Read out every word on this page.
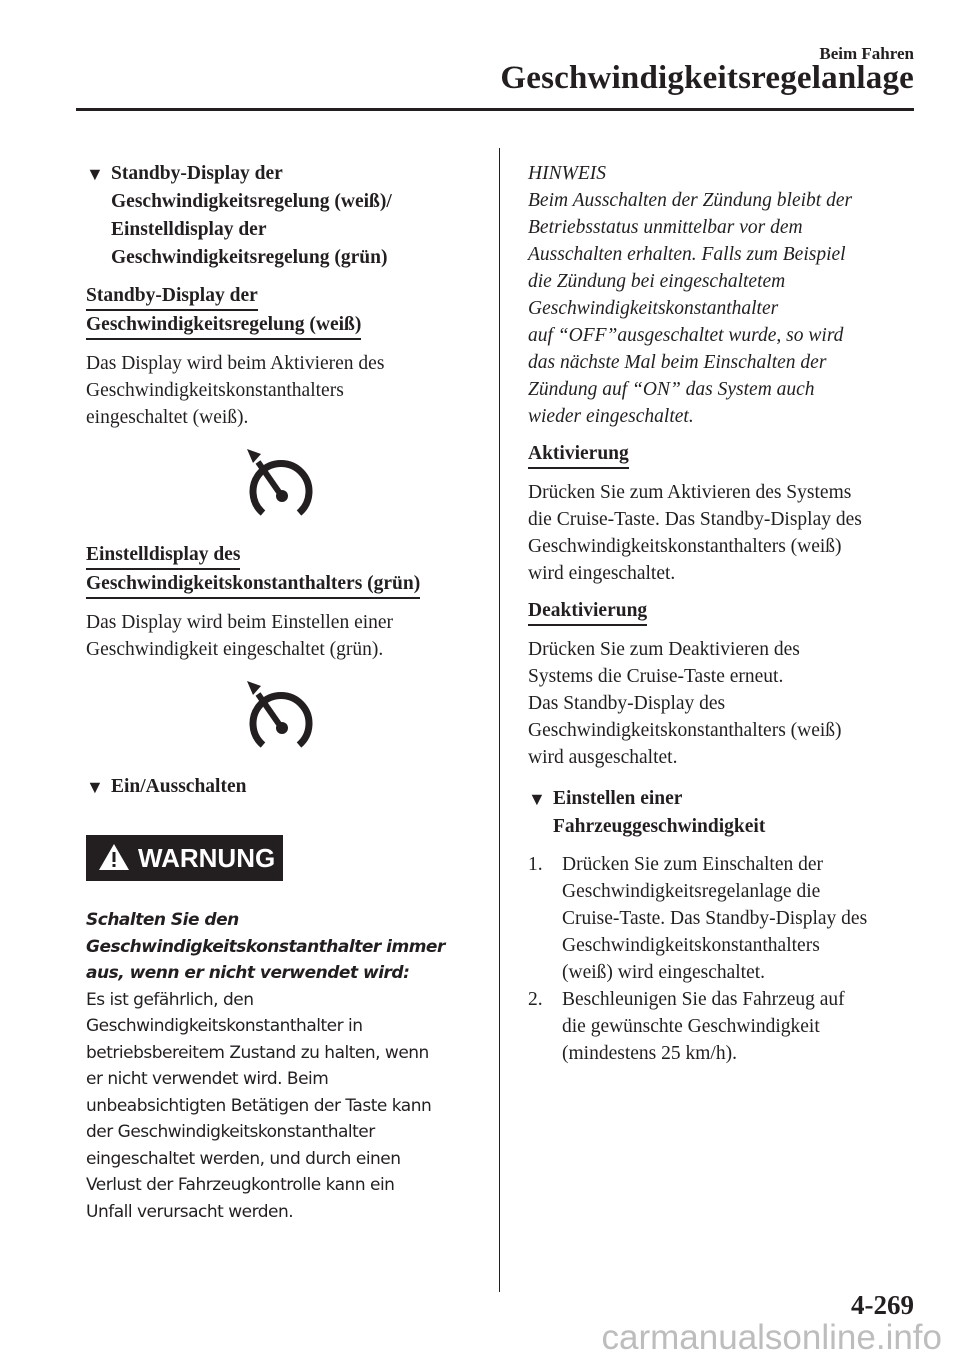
Beim Fahren
Geschwindigkeitsregelanlage
▼ Standby-Display der
Geschwindigkeitsregelung (weiß)/
Einstelldisplay der
Geschwindigkeitsregelung (grün)
Standby-Display der
Geschwindigkeitsregelung (weiß)

Das Display wird beim Aktivieren des
Geschwindigkeitskonstanthalters
eingeschaltet (weiß).

Einstelldisplay des
Geschwindigkeitskonstanthalters (grün)

Das Display wird beim Einstellen einer
Geschwindigkeit eingeschaltet (grün).

▼ Ein/Ausschalten
WARNUNG
Schalten Sie den
Geschwindigkeitskonstanthalter immer
aus, wenn er nicht verwendet wird:
Es ist gefährlich, den
Geschwindigkeitskonstanthalter in
betriebsbereitem Zustand zu halten, wenn
er nicht verwendet wird. Beim
unbeabsichtigten Betätigen der Taste kann
der Geschwindigkeitskonstanthalter
eingeschaltet werden, und durch einen
Verlust der Fahrzeugkontrolle kann ein
Unfall verursacht werden.
HINWEIS
Beim Ausschalten der Zündung bleibt der
Betriebsstatus unmittelbar vor dem
Ausschalten erhalten. Falls zum Beispiel
die Zündung bei eingeschaltetem
Geschwindigkeitskonstanthalter
auf “OFF”ausgeschaltet wurde, so wird
das nächste Mal beim Einschalten der
Zündung auf “ON” das System auch
wieder eingeschaltet.
Aktivierung

Drücken Sie zum Aktivieren des Systems
die Cruise-Taste. Das Standby-Display des
Geschwindigkeitskonstanthalters (weiß)
wird eingeschaltet.

Deaktivierung

Drücken Sie zum Deaktivieren des
Systems die Cruise-Taste erneut.
Das Standby-Display des
Geschwindigkeitskonstanthalters (weiß)
wird ausgeschaltet.

▼ Einstellen einer
Fahrzeuggeschwindigkeit
1. Drücken Sie zum Einschalten der
Geschwindigkeitsregelanlage die
Cruise-Taste. Das Standby-Display des
Geschwindigkeitskonstanthalters
(weiß) wird eingeschaltet.
2. Beschleunigen Sie das Fahrzeug auf
die gewünschte Geschwindigkeit
(mindestens 25 km/h).
4-269
carmanualsonline.info
